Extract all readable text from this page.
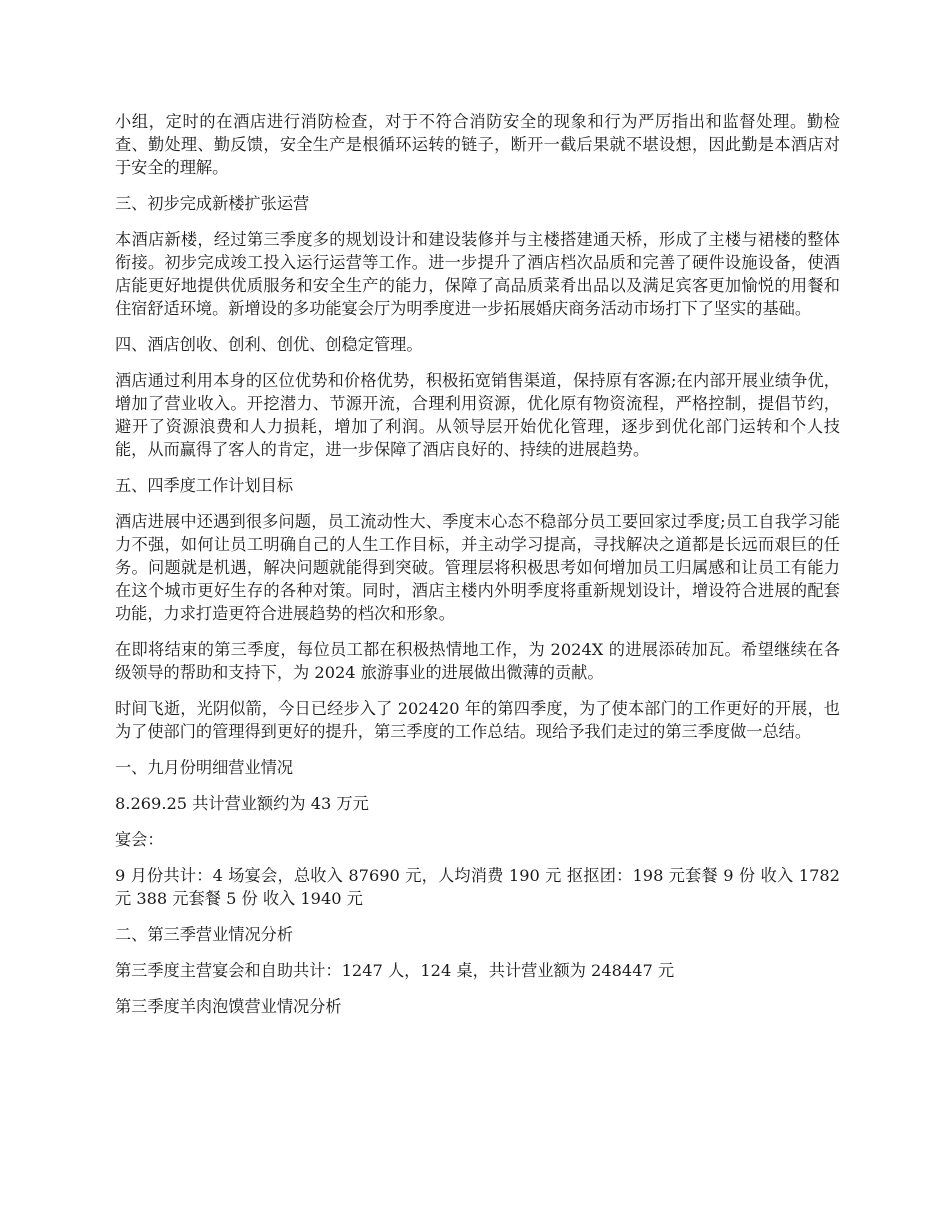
小组，定时的在酒店进行消防检查，对于不符合消防安全的现象和行为严厉指出和监督处理。勤检查、勤处理、勤反馈，安全生产是根循环运转的链子，断开一截后果就不堪设想，因此勤是本酒店对于安全的理解。

三、初步完成新楼扩张运营

本酒店新楼，经过第三季度多的规划设计和建设装修并与主楼搭建通天桥，形成了主楼与裙楼的整体衔接。初步完成竣工投入运行运营等工作。进一步提升了酒店档次品质和完善了硬件设施设备，使酒店能更好地提供优质服务和安全生产的能力，保障了高品质菜肴出品以及满足宾客更加愉悦的用餐和住宿舒适环境。新增设的多功能宴会厅为明季度进一步拓展婚庆商务活动市场打下了坚实的基础。

四、酒店创收、创利、创优、创稳定管理。

酒店通过利用本身的区位优势和价格优势，积极拓宽销售渠道，保持原有客源;在内部开展业绩争优，增加了营业收入。开挖潜力、节源开流，合理利用资源，优化原有物资流程，严格控制，提倡节约，避开了资源浪费和人力损耗，增加了利润。从领导层开始优化管理，逐步到优化部门运转和个人技能，从而赢得了客人的肯定，进一步保障了酒店良好的、持续的进展趋势。

五、四季度工作计划目标

酒店进展中还遇到很多问题，员工流动性大、季度末心态不稳部分员工要回家过季度;员工自我学习能力不强，如何让员工明确自己的人生工作目标，并主动学习提高，寻找解决之道都是长远而艰巨的任务。问题就是机遇，解决问题就能得到突破。管理层将积极思考如何增加员工归属感和让员工有能力在这个城市更好生存的各种对策。同时，酒店主楼内外明季度将重新规划设计，增设符合进展的配套功能，力求打造更符合进展趋势的档次和形象。

在即将结束的第三季度，每位员工都在积极热情地工作，为 2024X 的进展添砖加瓦。希望继续在各级领导的帮助和支持下，为 2024 旅游事业的进展做出微薄的贡献。

时间飞逝，光阴似箭，今日已经步入了 202420 年的第四季度，为了使本部门的工作更好的开展，也为了使部门的管理得到更好的提升，第三季度的工作总结。现给予我们走过的第三季度做一总结。

一、九月份明细营业情况

8.269.25 共计营业额约为 43 万元

宴会：

9 月份共计：4 场宴会，总收入 87690 元，人均消费 190 元 抠抠团：198 元套餐 9 份 收入 1782 元 388 元套餐 5 份 收入 1940 元

二、第三季营业情况分析

第三季度主营宴会和自助共计：1247 人，124 桌，共计营业额为 248447 元

第三季度羊肉泡馍营业情况分析
